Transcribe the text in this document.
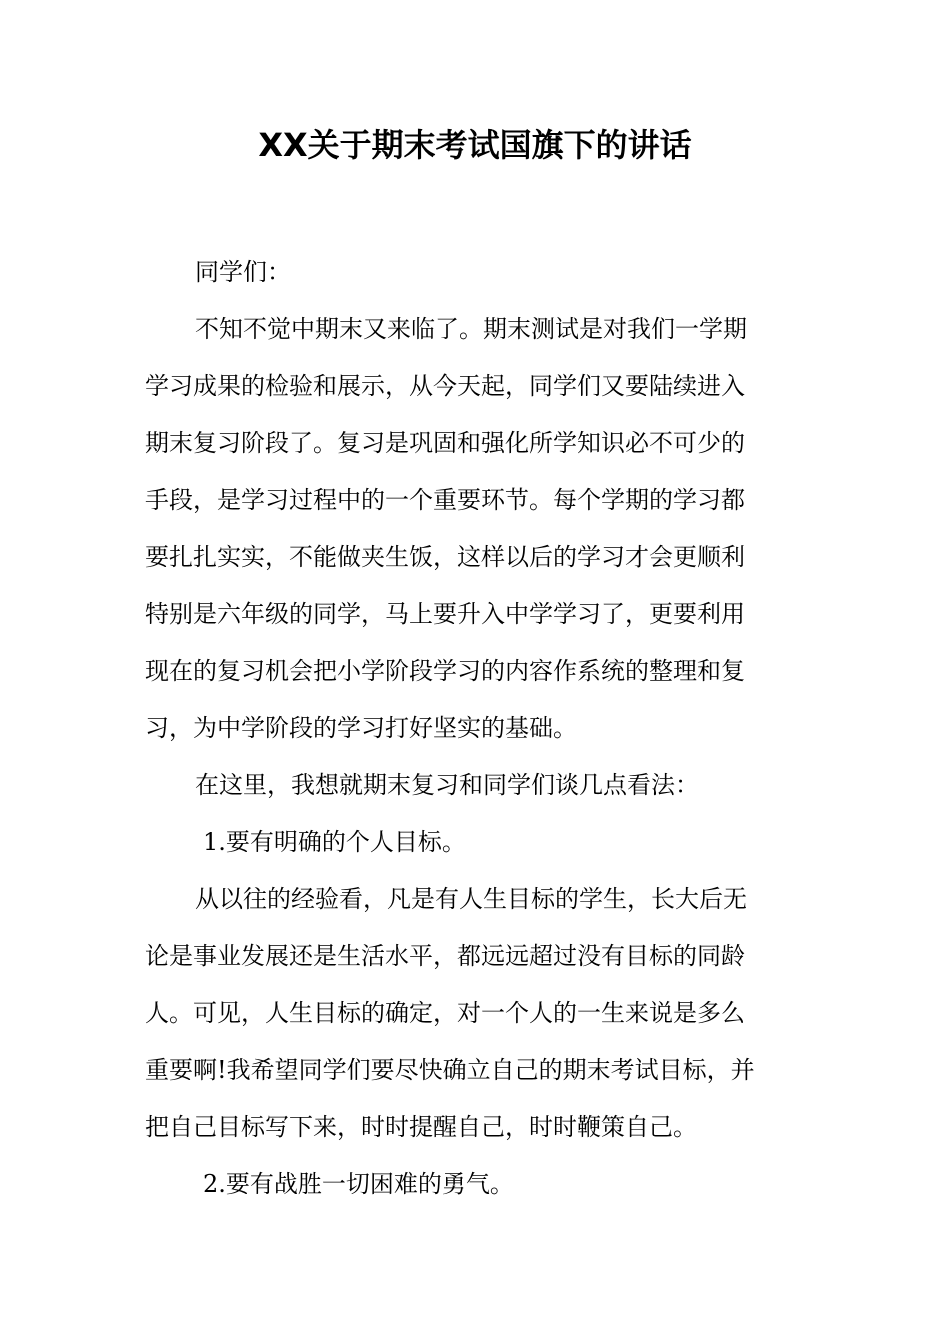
XX关于期末考试国旗下的讲话
同学们：
不知不觉中期末又来临了。期末测试是对我们一学期
学习成果的检验和展示，从今天起，同学们又要陆续进入
期末复习阶段了。复习是巩固和强化所学知识必不可少的
手段，是学习过程中的一个重要环节。每个学期的学习都
要扎扎实实，不能做夹生饭，这样以后的学习才会更顺利
特别是六年级的同学，马上要升入中学学习了，更要利用
现在的复习机会把小学阶段学习的内容作系统的整理和复
习，为中学阶段的学习打好坚实的基础。
在这里，我想就期末复习和同学们谈几点看法：
1.要有明确的个人目标。
从以往的经验看，凡是有人生目标的学生，长大后无
论是事业发展还是生活水平，都远远超过没有目标的同龄
人。可见，人生目标的确定，对一个人的一生来说是多么
重要啊!我希望同学们要尽快确立自己的期末考试目标，并
把自己目标写下来，时时提醒自己，时时鞭策自己。
2.要有战胜一切困难的勇气。
